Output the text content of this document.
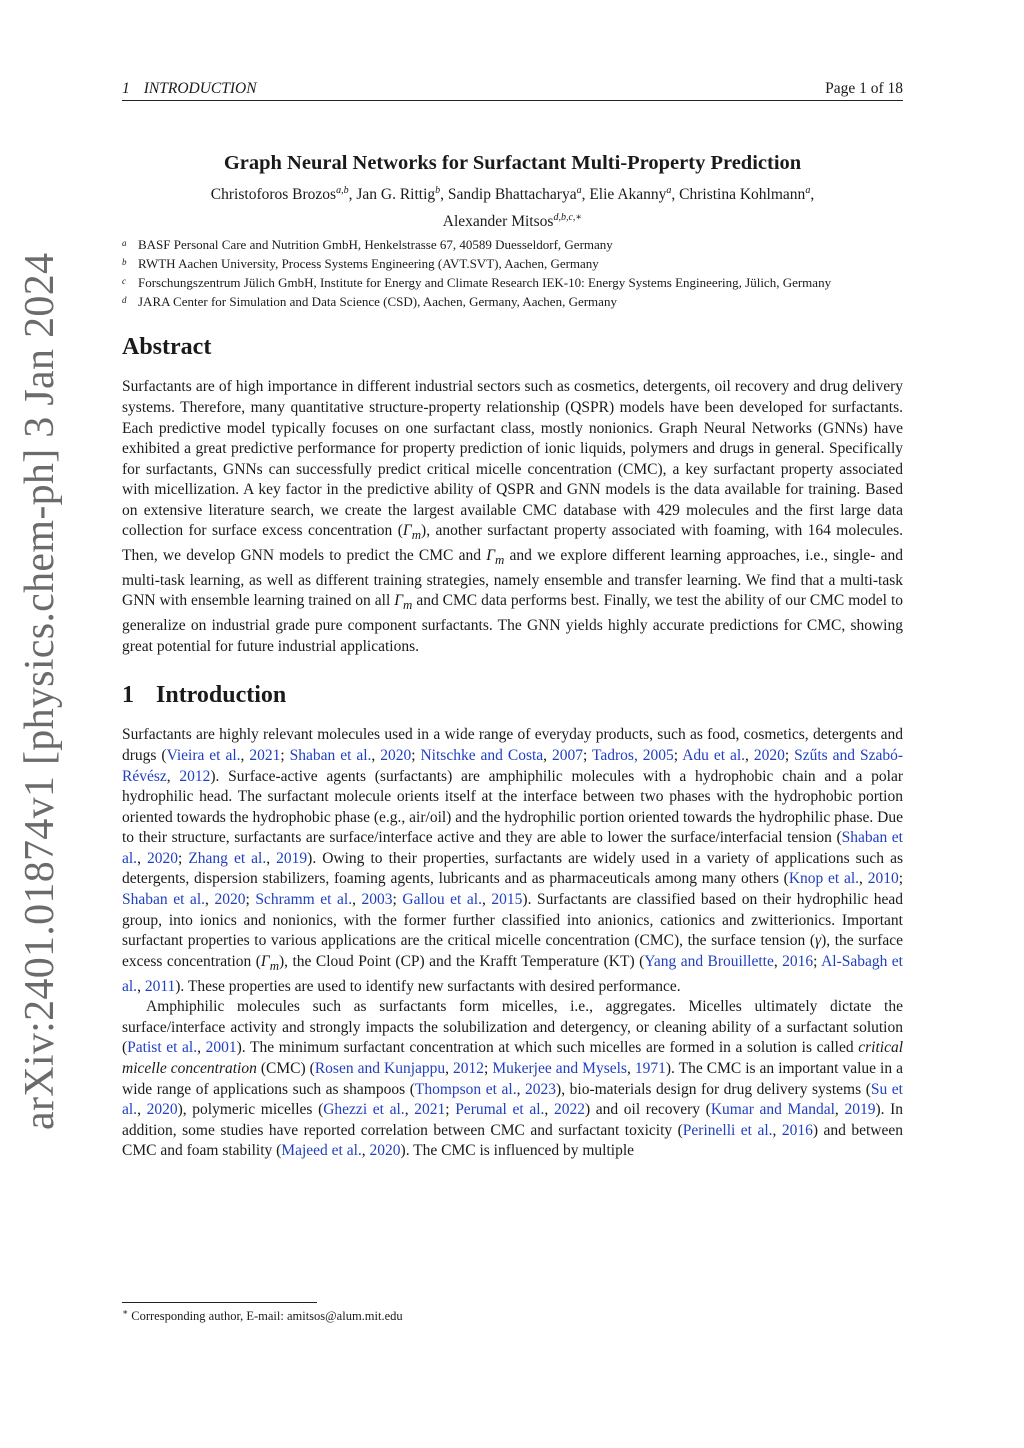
arXiv:2401.01874v1 [physics.chem-ph] 3 Jan 2024
1 INTRODUCTION	Page 1 of 18
Graph Neural Networks for Surfactant Multi-Property Prediction
Christoforos Brozos$^{a,b}$, Jan G. Rittig$^b$, Sandip Bhattacharya$^a$, Elie Akanny$^a$, Christina Kohlmann$^a$,
Alexander Mitsos$^{d,b,c,∗}$
a BASF Personal Care and Nutrition GmbH, Henkelstrasse 67, 40589 Duesseldorf, Germany
b RWTH Aachen University, Process Systems Engineering (AVT.SVT), Aachen, Germany
c Forschungszentrum Jülich GmbH, Institute for Energy and Climate Research IEK-10: Energy Systems Engineering, Jülich, Germany
d JARA Center for Simulation and Data Science (CSD), Aachen, Germany, Aachen, Germany
Abstract

Surfactants are of high importance in different industrial sectors such as cosmetics, detergents, oil recovery and drug delivery systems. Therefore, many quantitative structure-property relationship (QSPR) models have been developed for surfactants. Each predictive model typically focuses on one surfactant class, mostly nonionics. Graph Neural Networks (GNNs) have exhibited a great predictive performance for property prediction of ionic liquids, polymers and drugs in general. Specifically for surfactants, GNNs can successfully predict critical micelle concentration (CMC), a key surfactant property associated with micellization. A key factor in the predictive ability of QSPR and GNN models is the data available for training. Based on extensive literature search, we create the largest available CMC database with 429 molecules and the first large data collection for surface excess concentration $(\Gamma_m)$, another surfactant property associated with foaming, with 164 molecules. Then, we develop GNN models to predict the CMC and $\Gamma_m$ and we explore different learning approaches, i.e., single- and multi-task learning, as well as different training strategies, namely ensemble and transfer learning. We find that a multi-task GNN with ensemble learning trained on all $\Gamma_m$ and CMC data performs best. Finally, we test the ability of our CMC model to generalize on industrial grade pure component surfactants. The GNN yields highly accurate predictions for CMC, showing great potential for future industrial applications.

1 Introduction

Surfactants are highly relevant molecules used in a wide range of everyday products, such as food, cosmetics, detergents and drugs (Vieira et al., 2021; Shaban et al., 2020; Nitschke and Costa, 2007; Tadros, 2005; Adu et al., 2020; Szűts and Szabó-Révész, 2012). Surface-active agents (surfactants) are amphiphilic molecules with a hydrophobic chain and a polar hydrophilic head. The surfactant molecule orients itself at the interface between two phases with the hydrophobic portion oriented towards the hydrophobic phase (e.g., air/oil) and the hydrophilic portion oriented towards the hydrophilic phase. Due to their structure, surfactants are surface/interface active and they are able to lower the surface/interfacial tension (Shaban et al., 2020; Zhang et al., 2019). Owing to their properties, surfactants are widely used in a variety of applications such as detergents, dispersion stabilizers, foaming agents, lubricants and as pharmaceuticals among many others (Knop et al., 2010; Shaban et al., 2020; Schramm et al., 2003; Gallou et al., 2015). Surfactants are classified based on their hydrophilic head group, into ionics and nonionics, with the former further classified into anionics, cationics and zwitterionics. Important surfactant properties to various applications are the critical micelle concentration (CMC), the surface tension (γ), the surface excess concentration $(\Gamma_m)$, the Cloud Point (CP) and the Krafft Temperature (KT) (Yang and Brouillette, 2016; Al-Sabagh et al., 2011). These properties are used to identify new surfactants with desired performance.

Amphiphilic molecules such as surfactants form micelles, i.e., aggregates. Micelles ultimately dictate the surface/interface activity and strongly impacts the solubilization and detergency, or cleaning ability of a surfactant solution (Patist et al., 2001). The minimum surfactant concentration at which such micelles are formed in a solution is called critical micelle concentration (CMC) (Rosen and Kunjappu, 2012; Mukerjee and Mysels, 1971). The CMC is an important value in a wide range of applications such as shampoos (Thompson et al., 2023), bio-materials design for drug delivery systems (Su et al., 2020), polymeric micelles (Ghezzi et al., 2021; Perumal et al., 2022) and oil recovery (Kumar and Mandal, 2019). In addition, some studies have reported correlation between CMC and surfactant toxicity (Perinelli et al., 2016) and between CMC and foam stability (Majeed et al., 2020). The CMC is influenced by multiple

∗ Corresponding author, E-mail: amitsos@alum.mit.edu
